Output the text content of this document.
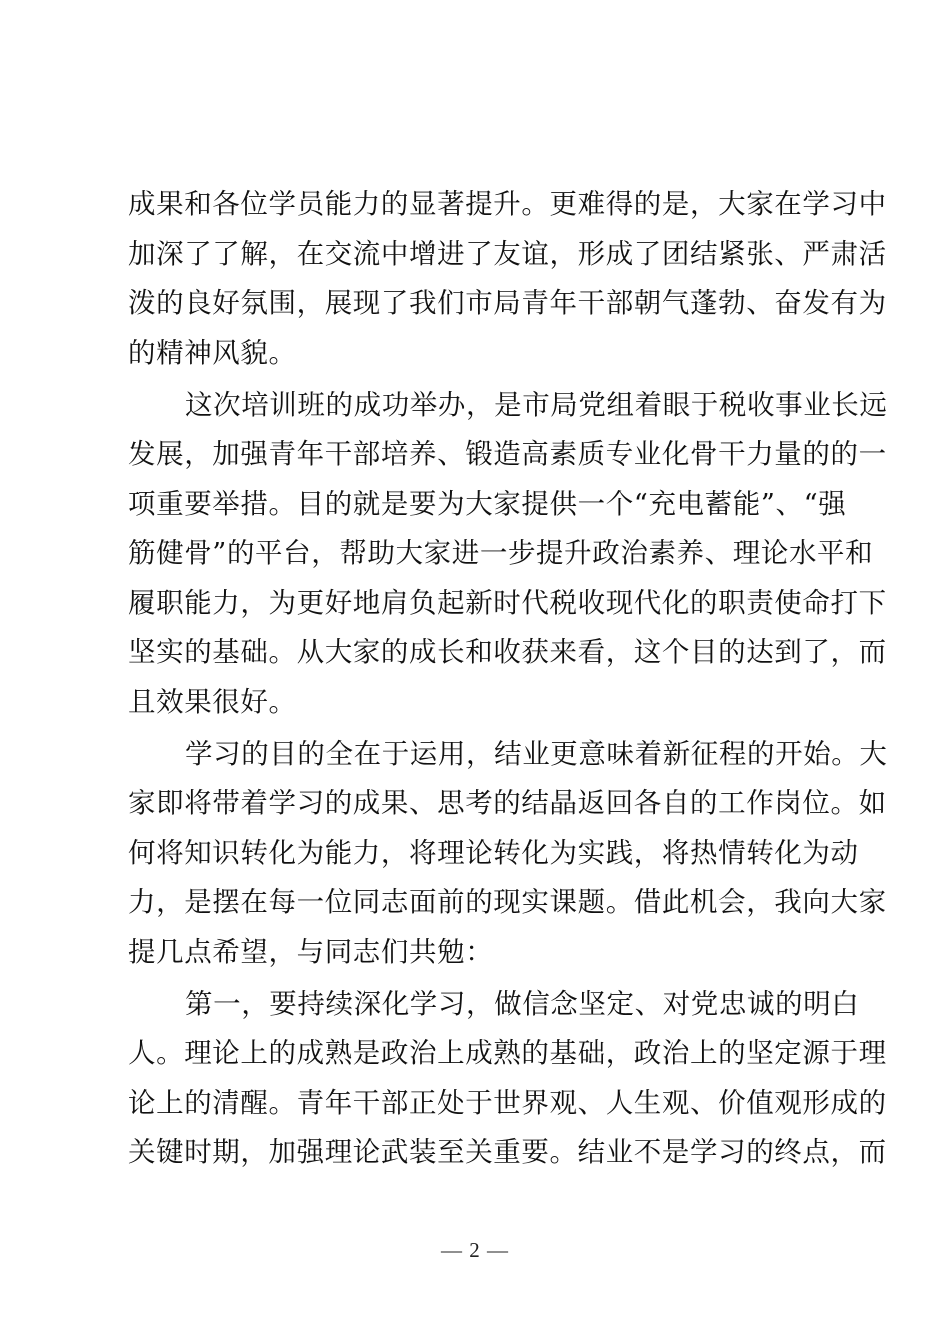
成果和各位学员能力的显著提升。更难得的是，大家在学习中
加深了了解，在交流中增进了友谊，形成了团结紧张、严肃活
泼的良好氛围，展现了我们市局青年干部朝气蓬勃、奋发有为
的精神风貌。
这次培训班的成功举办，是市局党组着眼于税收事业长远
发展，加强青年干部培养、锻造高素质专业化骨干力量的的一
项重要举措。目的就是要为大家提供一个“充电蓄能”、“强
筋健骨”的平台，帮助大家进一步提升政治素养、理论水平和
履职能力，为更好地肩负起新时代税收现代化的职责使命打下
坚实的基础。从大家的成长和收获来看，这个目的达到了，而
且效果很好。
学习的目的全在于运用，结业更意味着新征程的开始。大
家即将带着学习的成果、思考的结晶返回各自的工作岗位。如
何将知识转化为能力，将理论转化为实践，将热情转化为动
力，是摆在每一位同志面前的现实课题。借此机会，我向大家
提几点希望，与同志们共勉：
第一，要持续深化学习，做信念坚定、对党忠诚的明白
人。理论上的成熟是政治上成熟的基础，政治上的坚定源于理
论上的清醒。青年干部正处于世界观、人生观、价值观形成的
关键时期，加强理论武装至关重要。结业不是学习的终点，而
— 2 —
